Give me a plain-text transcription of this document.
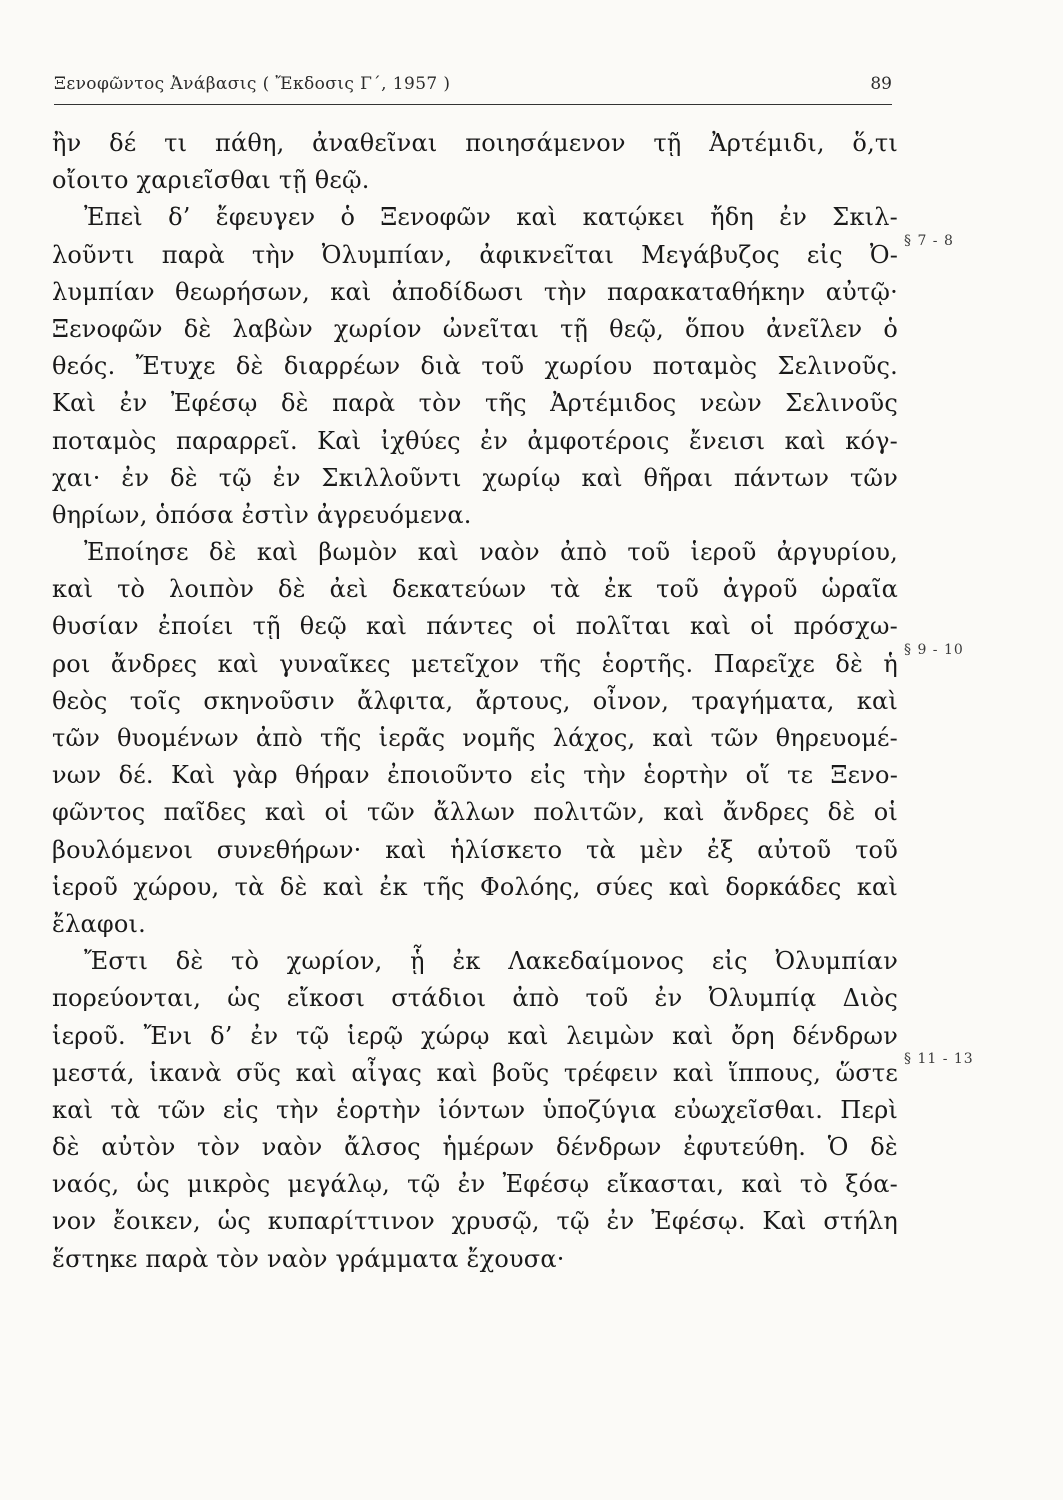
Ξενοφῶντος Ἀνάβασις ( Ἔκδοσις Γ΄, 1957 )	89
ἢν δέ τι πάθη, ἀναθεῖναι ποιησάμενον τῇ Ἀρτέμιδι, ὅ,τι
οἴοιτο χαριεῖσθαι τῇ θεῷ.
Ἐπεὶ δ’ ἔφευγεν ὁ Ξενοφῶν καὶ κατῴκει ἤδη ἐν Σκιλ-
λοῦντι παρὰ τὴν Ὀλυμπίαν, ἀφικνεῖται Μεγάβυζος εἰς Ὀ-
λυμπίαν θεωρήσων, καὶ ἀποδίδωσι τὴν παρακαταθήκην αὐτῷ·
Ξενοφῶν δὲ λαβὼν χωρίον ὠνεῖται τῇ θεῷ, ὅπου ἀνεῖλεν ὁ
θεός. Ἔτυχε δὲ διαρρέων διὰ τοῦ χωρίου ποταμὸς Σελινοῦς.
Καὶ ἐν Ἐφέσῳ δὲ παρὰ τὸν τῆς Ἀρτέμιδος νεὼν Σελινοῦς
ποταμὸς παραρρεῖ. Καὶ ἰχθύες ἐν ἀμφοτέροις ἔνεισι καὶ κόγ-
χαι· ἐν δὲ τῷ ἐν Σκιλλοῦντι χωρίῳ καὶ θῆραι πάντων τῶν
θηρίων, ὁπόσα ἐστὶν ἀγρευόμενα.
Ἐποίησε δὲ καὶ βωμὸν καὶ ναὸν ἀπὸ τοῦ ἱεροῦ ἀργυρίου,
καὶ τὸ λοιπὸν δὲ ἀεὶ δεκατεύων τὰ ἐκ τοῦ ἀγροῦ ὡραῖα
θυσίαν ἐποίει τῇ θεῷ καὶ πάντες οἱ πολῖται καὶ οἱ πρόσχω-
ροι ἄνδρες καὶ γυναῖκες μετεῖχον τῆς ἑορτῆς. Παρεῖχε δὲ ἡ
θεὸς τοῖς σκηνοῦσιν ἄλφιτα, ἄρτους, οἶνον, τραγήματα, καὶ
τῶν θυομένων ἀπὸ τῆς ἱερᾶς νομῆς λάχος, καὶ τῶν θηρευομέ-
νων δέ. Καὶ γὰρ θήραν ἐποιοῦντο εἰς τὴν ἑορτὴν οἵ τε Ξενο-
φῶντος παῖδες καὶ οἱ τῶν ἄλλων πολιτῶν, καὶ ἄνδρες δὲ οἱ
βουλόμενοι συνεθήρων· καὶ ἡλίσκετο τὰ μὲν ἐξ αὐτοῦ τοῦ
ἱεροῦ χώρου, τὰ δὲ καὶ ἐκ τῆς Φολόης, σύες καὶ δορκάδες καὶ
ἔλαφοι.
Ἔστι δὲ τὸ χωρίον, ᾗ ἐκ Λακεδαίμονος εἰς Ὀλυμπίαν
πορεύονται, ὡς εἴκοσι στάδιοι ἀπὸ τοῦ ἐν Ὀλυμπίᾳ Διὸς
ἱεροῦ. Ἔνι δ’ ἐν τῷ ἱερῷ χώρῳ καὶ λειμὼν καὶ ὄρη δένδρων
μεστά, ἱκανὰ σῦς καὶ αἶγας καὶ βοῦς τρέφειν καὶ ἵππους, ὥστε
καὶ τὰ τῶν εἰς τὴν ἑορτὴν ἰόντων ὑποζύγια εὐωχεῖσθαι. Περὶ
δὲ αὐτὸν τὸν ναὸν ἄλσος ἡμέρων δένδρων ἐφυτεύθη. Ὁ δὲ
ναός, ὡς μικρὸς μεγάλῳ, τῷ ἐν Ἐφέσῳ εἴκασται, καὶ τὸ ξόα-
νον ἔοικεν, ὡς κυπαρίττινον χρυσῷ, τῷ ἐν Ἐφέσῳ. Καὶ στήλη
ἕστηκε παρὰ τὸν ναὸν γράμματα ἔχουσα·
§ 7 - 8
§ 9 - 10
§ 11 - 13
